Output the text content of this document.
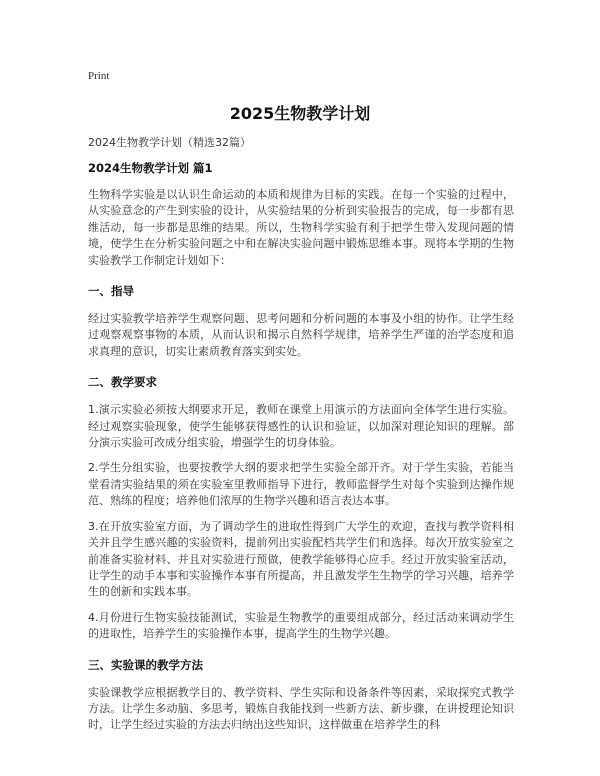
Print
2025生物教学计划
2024生物教学计划（精选32篇）

2024生物教学计划 篇1

生物科学实验是以认识生命运动的本质和规律为目标的实践。在每一个实验的过程中，从实验意念的产生到实验的设计，从实验结果的分析到实验报告的完成，每一步都有思维活动，每一步都是思维的结果。所以，生物科学实验有利于把学生带入发现问题的情境，使学生在分析实验问题之中和在解决实验问题中锻炼思维本事。现将本学期的生物实验教学工作制定计划如下：

一、指导

经过实验教学培养学生观察问题、思考问题和分析问题的本事及小组的协作。让学生经过观察观察事物的本质，从而认识和揭示自然科学规律，培养学生严谨的治学态度和追求真理的意识，切实让素质教育落实到实处。

二、教学要求

1.演示实验必须按大纲要求开足，教师在课堂上用演示的方法面向全体学生进行实验。经过观察实验现象，使学生能够获得感性的认识和验证，以加深对理论知识的理解。部分演示实验可改成分组实验，增强学生的切身体验。

2.学生分组实验，也要按教学大纲的要求把学生实验全部开齐。对于学生实验，若能当堂看清实验结果的须在实验室里教师指导下进行，教师监督学生对每个实验到达操作规范、熟练的程度；培养他们浓厚的生物学兴趣和语言表达本事。

3.在开放实验室方面，为了调动学生的进取性得到广大学生的欢迎，查找与教学资料相关并且学生感兴趣的实验资料，提前列出实验配档共学生们和选择。每次开放实验室之前准备实验材料、并且对实验进行预做，使教学能够得心应手。经过开放实验室活动，让学生的动手本事和实验操作本事有所提高，并且激发学生生物学的学习兴趣，培养学生的创新和实践本事。

4.月份进行生物实验技能测试，实验是生物教学的重要组成部分，经过活动来调动学生的进取性，培养学生的实验操作本事，提高学生的生物学兴趣。

三、实验课的教学方法

实验课教学应根据教学目的、教学资料、学生实际和设备条件等因素，采取探究式教学方法。让学生多动脑、多思考，锻炼自我能找到一些新方法、新步骤，在讲授理论知识时，让学生经过实验的方法去归纳出这些知识，这样做重在培养学生的科
